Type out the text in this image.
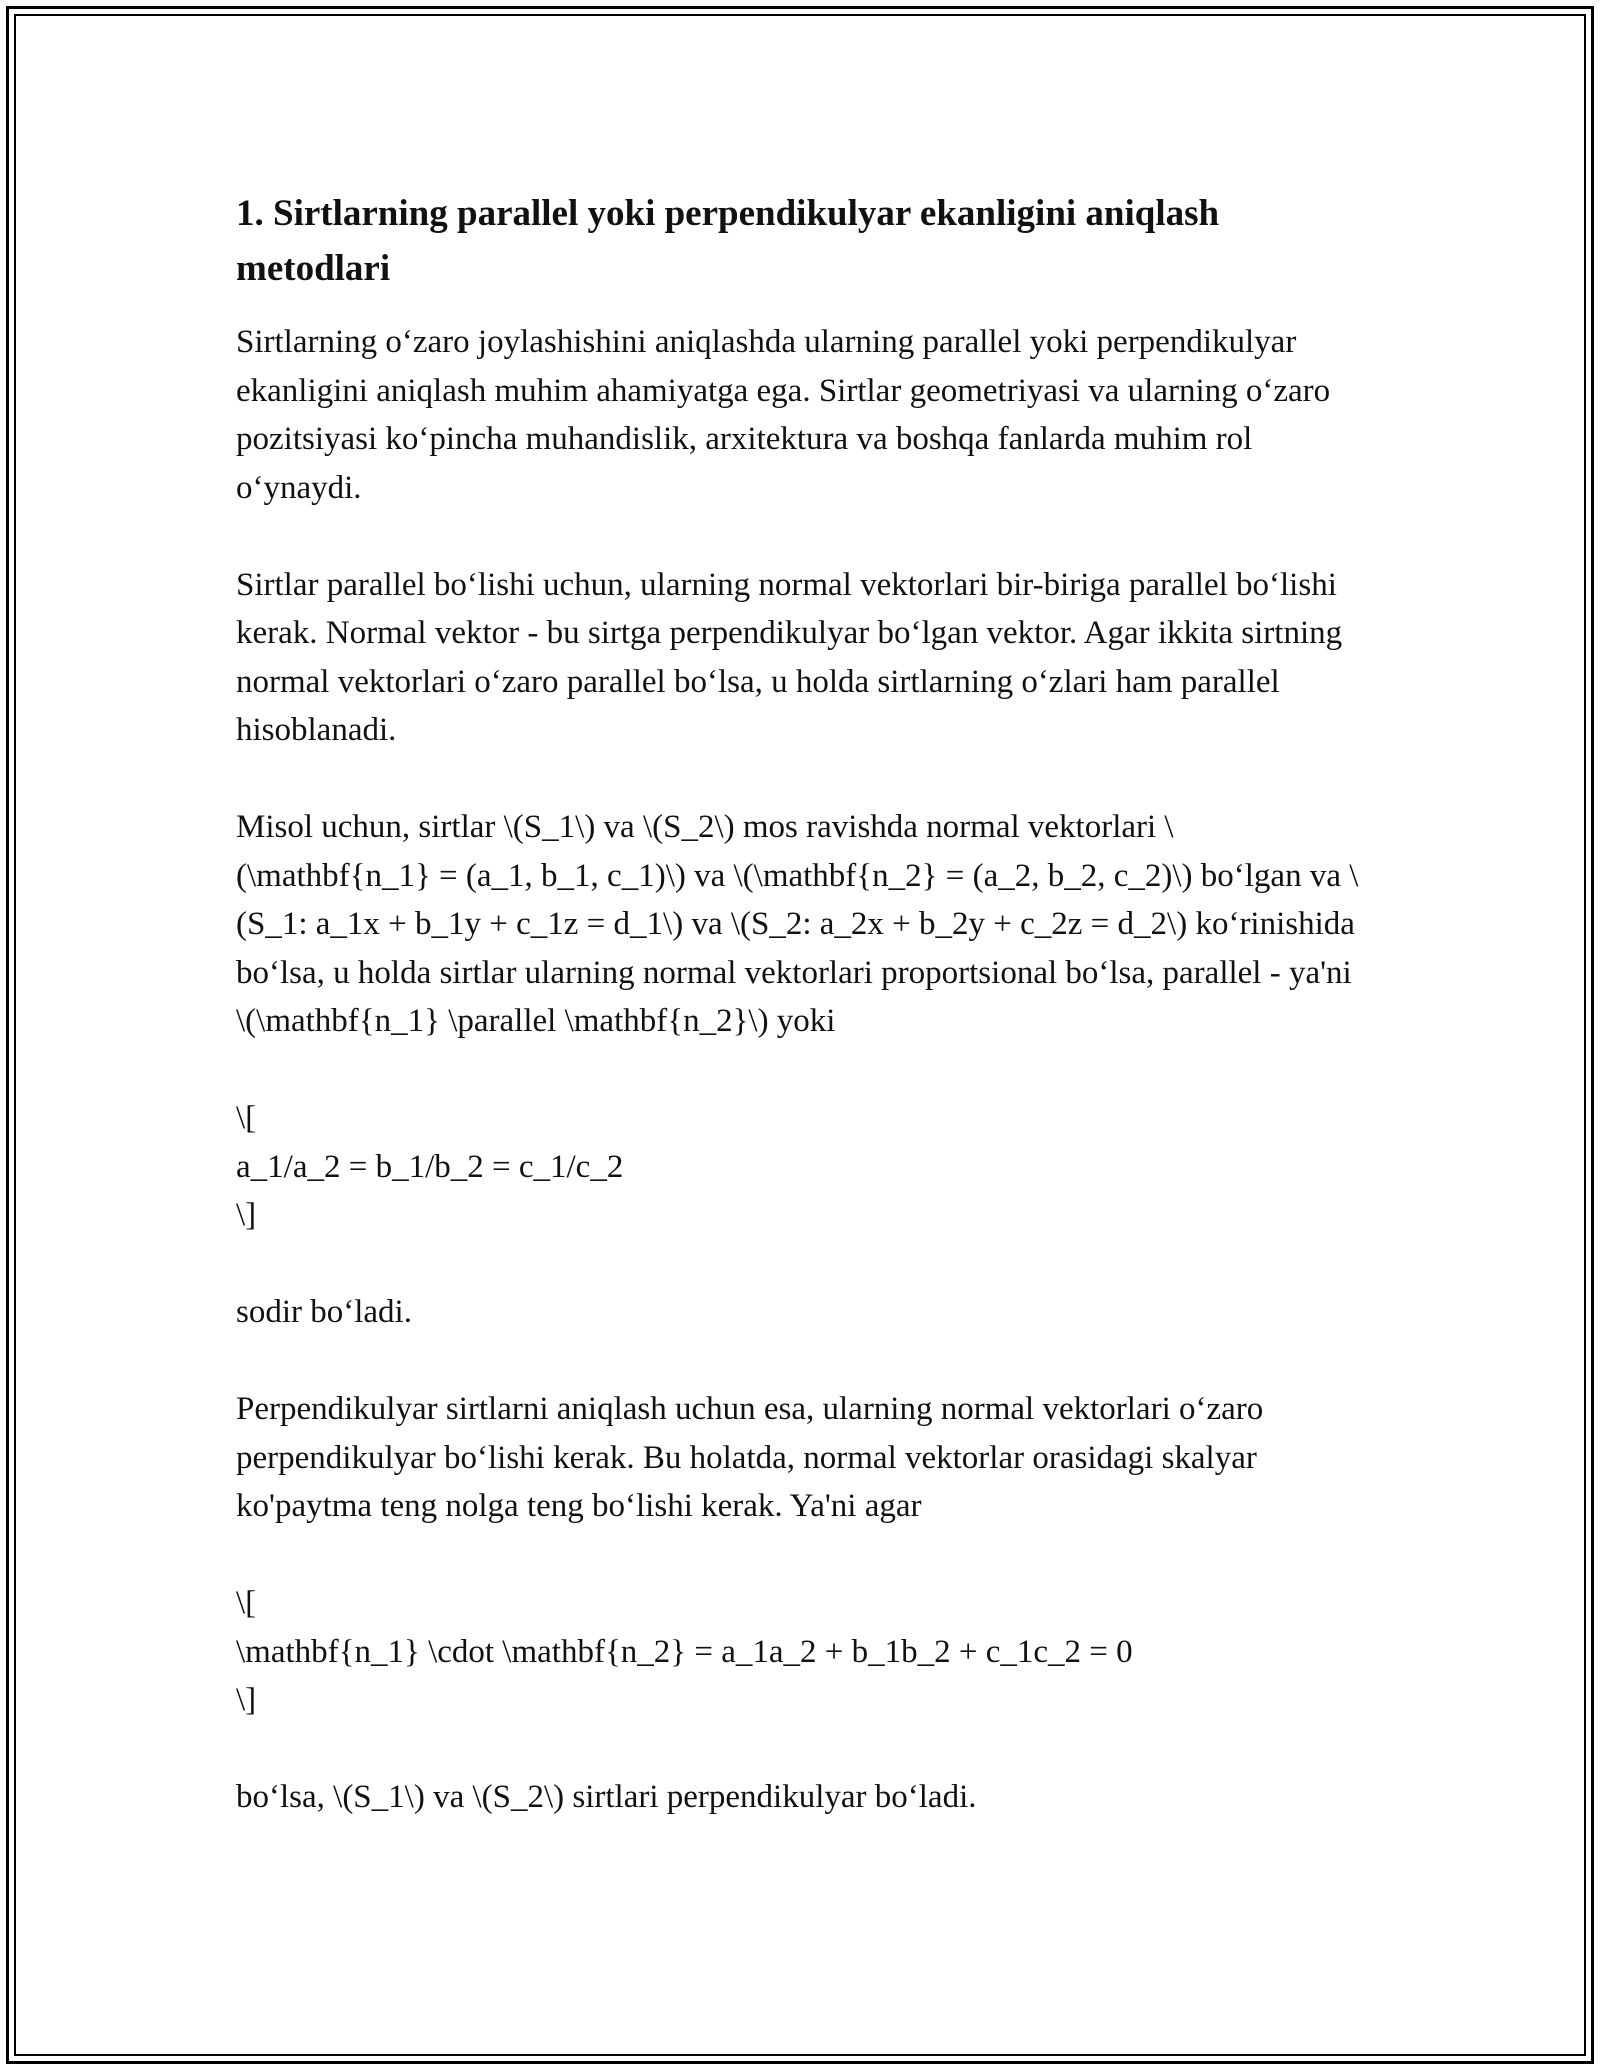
1. Sirtlarning parallel yoki perpendikulyar ekanligini aniqlash metodlari

Sirtlarning o‘zaro joylashishini aniqlashda ularning parallel yoki perpendikulyar ekanligini aniqlash muhim ahamiyatga ega. Sirtlar geometriyasi va ularning o‘zaro pozitsiyasi ko‘pincha muhandislik, arxitektura va boshqa fanlarda muhim rol o‘ynaydi.

Sirtlar parallel bo‘lishi uchun, ularning normal vektorlari bir-biriga parallel bo‘lishi kerak. Normal vektor - bu sirtga perpendikulyar bo‘lgan vektor. Agar ikkita sirtning normal vektorlari o‘zaro parallel bo‘lsa, u holda sirtlarning o‘zlari ham parallel hisoblanadi.

Misol uchun, sirtlar \(S_1\) va \(S_2\) mos ravishda normal vektorlari \(\mathbf{n_1} = (a_1, b_1, c_1)\) va \(\mathbf{n_2} = (a_2, b_2, c_2)\) bo‘lgan va \(S_1: a_1x + b_1y + c_1z = d_1\) va \(S_2: a_2x + b_2y + c_2z = d_2\) ko‘rinishida bo‘lsa, u holda sirtlar ularning normal vektorlari proportsional bo‘lsa, parallel - ya'ni \(\mathbf{n_1} \parallel \mathbf{n_2}\) yoki

\[
a_1/a_2 = b_1/b_2 = c_1/c_2
\]

sodir bo‘ladi.

Perpendikulyar sirtlarni aniqlash uchun esa, ularning normal vektorlari o‘zaro perpendikulyar bo‘lishi kerak. Bu holatda, normal vektorlar orasidagi skalyar ko'paytma teng nolga teng bo‘lishi kerak. Ya'ni agar

\[
\mathbf{n_1} \cdot \mathbf{n_2} = a_1a_2 + b_1b_2 + c_1c_2 = 0
\]

bo‘lsa, \(S_1\) va \(S_2\) sirtlari perpendikulyar bo‘ladi.
